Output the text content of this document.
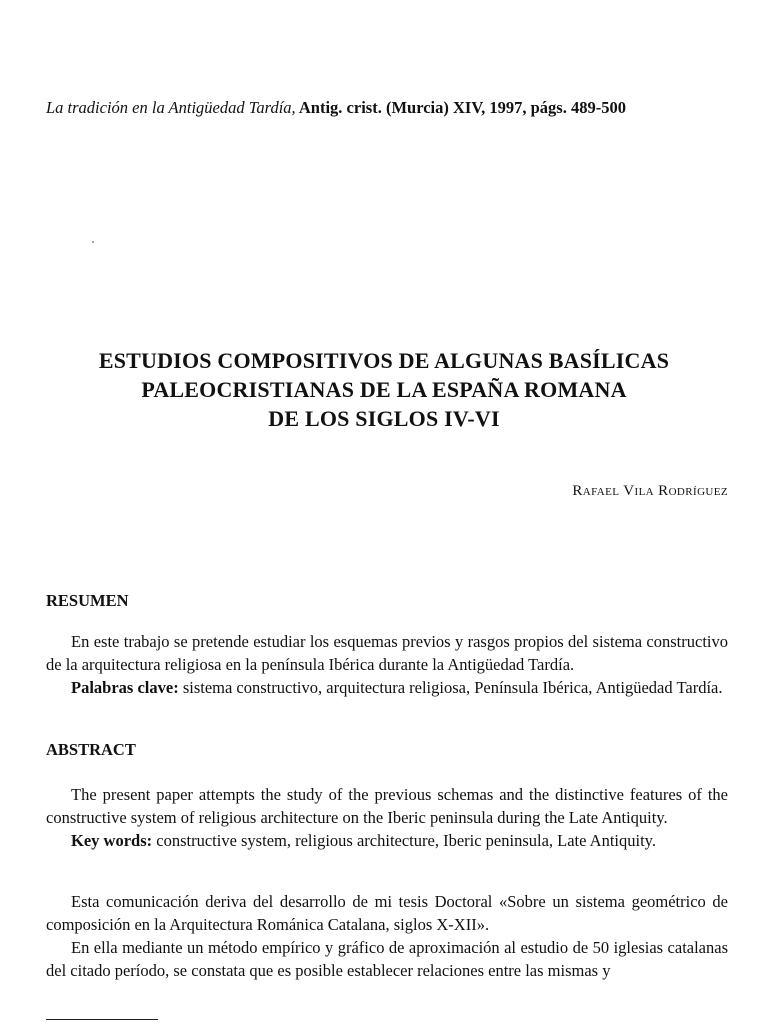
La tradición en la Antigüedad Tardía, Antig. crist. (Murcia) XIV, 1997, págs. 489-500
ESTUDIOS COMPOSITIVOS DE ALGUNAS BASÍLICAS
PALEOCRISTIANAS DE LA ESPAÑA ROMANA
DE LOS SIGLOS IV-VI
Rafael Vila Rodríguez
RESUMEN

En este trabajo se pretende estudiar los esquemas previos y rasgos propios del sistema constructivo de la arquitectura religiosa en la península Ibérica durante la Antigüedad Tardía.

Palabras clave: sistema constructivo, arquitectura religiosa, Península Ibérica, Antigüedad Tardía.

ABSTRACT

The present paper attempts the study of the previous schemas and the distinctive features of the constructive system of religious architecture on the Iberic peninsula during the Late Antiquity.

Key words: constructive system, religious architecture, Iberic peninsula, Late Antiquity.

Esta comunicación deriva del desarrollo de mi tesis Doctoral «Sobre un sistema geométrico de composición en la Arquitectura Románica Catalana, siglos X-XII».

En ella mediante un método empírico y gráfico de aproximación al estudio de 50 iglesias catalanas del citado período, se constata que es posible establecer relaciones entre las mismas y
